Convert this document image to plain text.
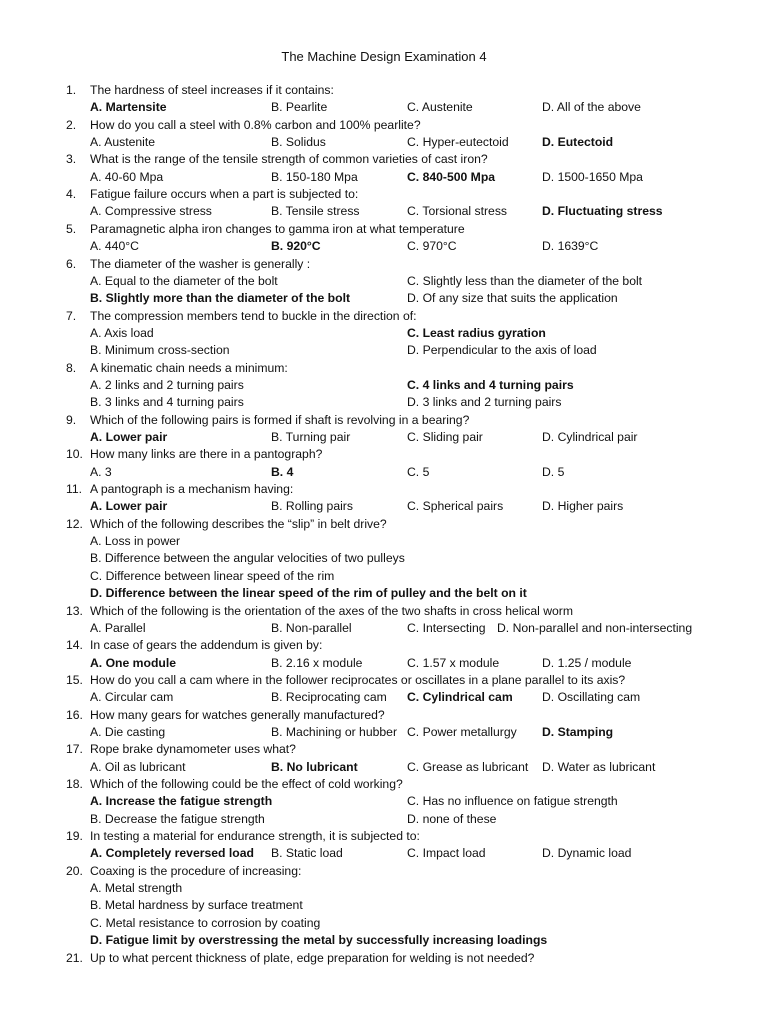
The Machine Design Examination 4
1.	The hardness of steel increases if it contains:
A. Martensite	B. Pearlite	C. Austenite	D. All of the above
2.	How do you call a steel with 0.8% carbon and 100% pearlite?
A. Austenite	B. Solidus	C. Hyper-eutectoid	D. Eutectoid
3.	What is the range of the tensile strength of common varieties of cast iron?
A. 40-60 Mpa	B. 150-180 Mpa	C. 840-500 Mpa	D. 1500-1650 Mpa
4.	Fatigue failure occurs when a part is subjected to:
A. Compressive stress	B. Tensile stress	C. Torsional stress	D. Fluctuating stress
5.	Paramagnetic alpha iron changes to gamma iron at what temperature
A. 440°C	B. 920°C	C. 970°C	D. 1639°C
6.	The diameter of the washer is generally :
A. Equal to the diameter of the bolt	C. Slightly less than the diameter of the bolt
B. Slightly more than the diameter of the bolt	D. Of any size that suits the application
7.	The compression members tend to buckle in the direction of:
A. Axis load	C. Least radius gyration
B. Minimum cross-section	D. Perpendicular to the axis of load
8.	A kinematic chain needs a minimum:
A. 2 links and 2 turning pairs	C. 4 links and 4 turning pairs
B. 3 links and 4 turning pairs	D. 3 links and 2 turning pairs
9.	Which of the following pairs is formed if shaft is revolving in a bearing?
A. Lower pair	B. Turning pair	C. Sliding pair	D. Cylindrical pair
10. How many links are there in a pantograph?
A. 3	B. 4	C. 5	D. 5
11. A pantograph is a mechanism having:
A. Lower pair	B. Rolling pairs	C. Spherical pairs	D. Higher pairs
12. Which of the following describes the “slip” in belt drive?
A. Loss in power
B. Difference between the angular velocities of two pulleys
C. Difference between linear speed of the rim
D. Difference between the linear speed of the rim of pulley and the belt on it
13. Which of the following is the orientation of the axes of the two shafts in cross helical worm
A. Parallel	B. Non-parallel	C. Intersecting D. Non-parallel and non-intersecting
14. In case of gears the addendum is given by:
A. One module	B. 2.16 x module	C. 1.57 x module	D. 1.25 / module
15. How do you call a cam where in the follower reciprocates or oscillates in a plane parallel to its axis?
A. Circular cam	B. Reciprocating cam C. Cylindrical cam D. Oscillating cam
16. How many gears for watches generally manufactured?
A. Die casting	B. Machining or hubber C. Power metallurgy D. Stamping
17. Rope brake dynamometer uses what?
A. Oil as lubricant	B. No lubricant	C. Grease as lubricant D. Water as lubricant
18. Which of the following could be the effect of cold working?
A. Increase the fatigue strength	C. Has no influence on fatigue strength
B. Decrease the fatigue strength	D. none of these
19. In testing a material for endurance strength, it is subjected to:
A. Completely reversed load B. Static load	C. Impact load	D. Dynamic load
20. Coaxing is the procedure of increasing:
A. Metal strength
B. Metal hardness by surface treatment
C. Metal resistance to corrosion by coating
D. Fatigue limit by overstressing the metal by successfully increasing loadings
21. Up to what percent thickness of plate, edge preparation for welding is not needed?
